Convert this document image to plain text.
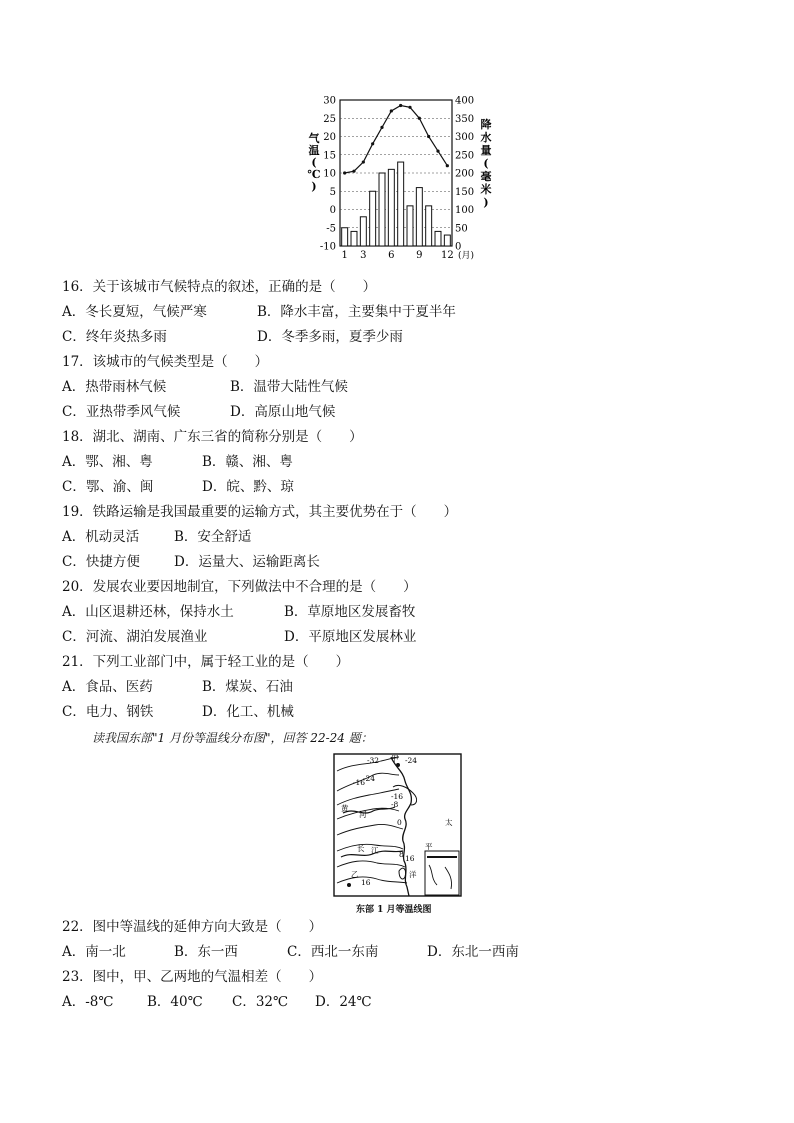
30
25
20
15
10
5
0
-5
-10
400
350
300
250
200
150
100
50
0
1 3 6 9 12 (月)
气
温
(
℃
)
降
水
量
(
毫
米
)
16．关于该城市气候特点的叙述，正确的是（　　）
A．冬长夏短，气候严寒	B．降水丰富，主要集中于夏半年
C．终年炎热多雨	D．冬季多雨，夏季少雨
17．该城市的气候类型是（　　）
A．热带雨林气候	B．温带大陆性气候
C．亚热带季风气候	D．高原山地气候
18．湖北、湖南、广东三省的简称分别是（　　）
A．鄂、湘、粤	B．赣、湘、粤
C．鄂、渝、闽	D．皖、黔、琼
19．铁路运输是我国最重要的运输方式，其主要优势在于（　　）
A．机动灵活	B．安全舒适
C．快捷方便	D．运量大、运输距离长
20．发展农业要因地制宜，下列做法中不合理的是（　　）
A．山区退耕还林，保持水土	B．草原地区发展畜牧
C．河流、湖泊发展渔业	D．平原地区发展林业
21．下列工业部门中，属于轻工业的是（　　）
A．食品、医药	B．煤炭、石油
C．电力、钢铁	D．化工、机械
读我国东部"1 月份等温线分布图"，回答 22-24 题：
-32 甲 -24
-16
-24
-16
-8
黄
河
0	太
长 江	平
8 16
乙
16
洋
东部 1 月等温线图
22．图中等温线的延伸方向大致是（　　）
A．南一北	B．东一西	C．西北一东南	D．东北一西南
23．图中，甲、乙两地的气温相差（　　）
A．-8℃ B．40℃ C．32℃ D．24℃
